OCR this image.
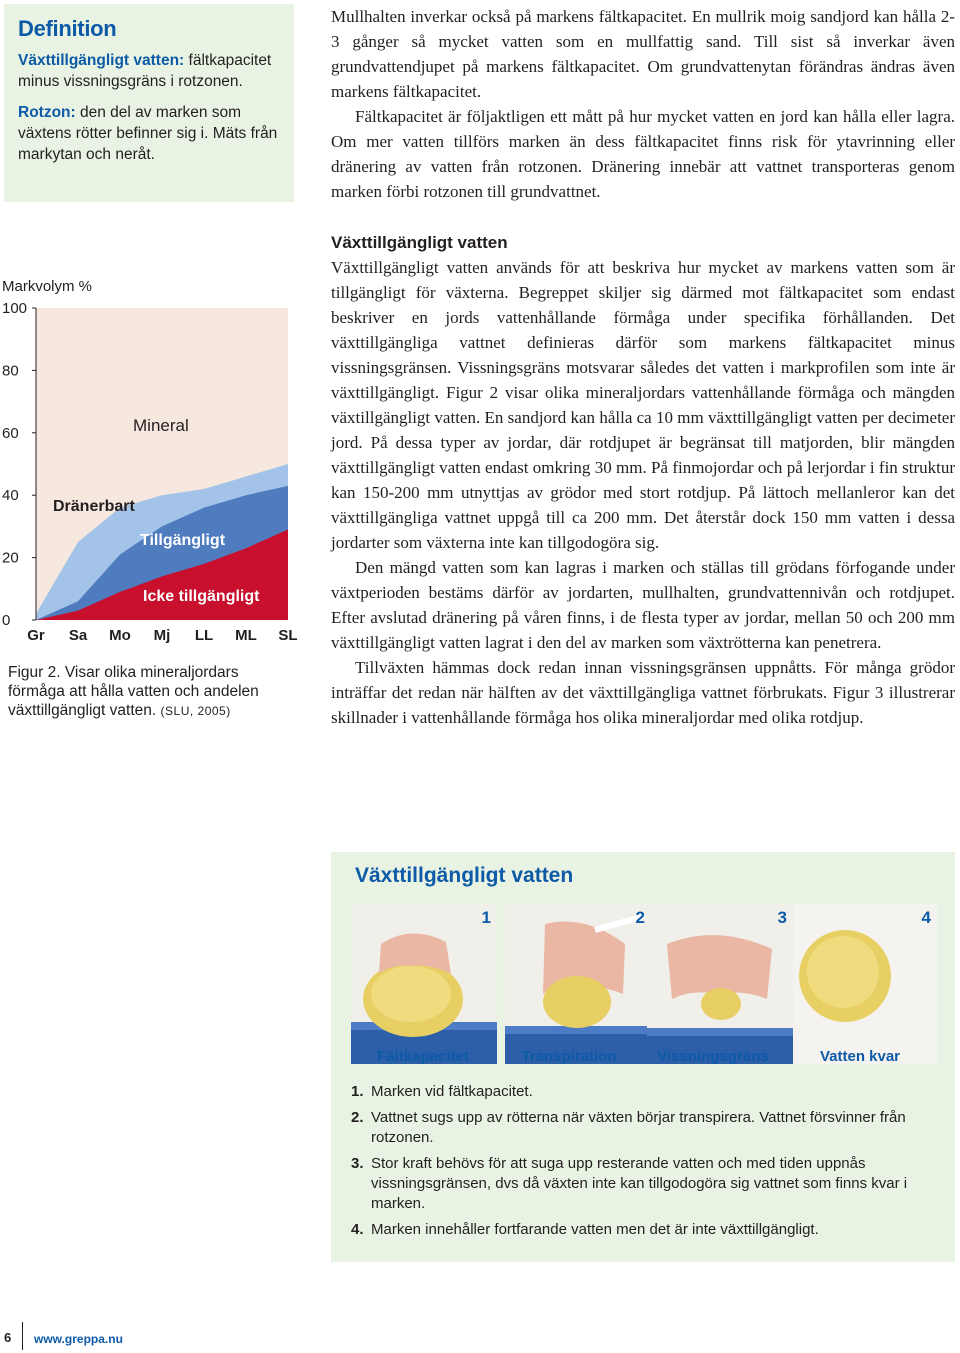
Definition

Växttillgängligt vatten: fältkapacitet minus vissningsgräns i rotzonen.

Rotzon: den del av marken som växtens rötter befinner sig i. Mäts från markytan och neråt.

Mullhalten inverkar också på markens fältkapacitet. En mullrik moig sandjord kan hålla 2-3 gånger så mycket vatten som en mullfattig sand. Till sist så inverkar även grundvattendjupet på markens fältkapacitet. Om grundvattenytan förändras ändras även markens fältkapacitet.

Fältkapacitet är följaktligen ett mått på hur mycket vatten en jord kan hålla eller lagra. Om mer vatten tillförs marken än dess fältkapacitet finns risk för ytavrinning eller dränering av vatten från rotzonen. Dränering innebär att vattnet transporteras genom marken förbi rotzonen till grundvattnet.

Växttillgängligt vatten

Växttillgängligt vatten används för att beskriva hur mycket av markens vatten som är tillgängligt för växterna. Begreppet skiljer sig därmed mot fältkapacitet som endast beskriver en jords vattenhållande förmåga under specifika förhållanden. Det växttillgängliga vattnet definieras därför som markens fältkapacitet minus vissningsgränsen. Vissningsgräns motsvarar således det vatten i markprofilen som inte är växttillgängligt. Figur 2 visar olika mineraljordars vattenhållande förmåga och mängden växtillgängligt vatten. En sandjord kan hålla ca 10 mm växttillgängligt vatten per decimeter jord. På dessa typer av jordar, där rotdjupet är begränsat till matjorden, blir mängden växttillgängligt vatten endast omkring 30 mm. På finmojordar och på lerjordar i fin struktur kan 150-200 mm utnyttjas av grödor med stort rotdjup. På lättoch mellanleror kan det växttillgängliga vattnet uppgå till ca 200 mm. Det återstår dock 150 mm vatten i dessa jordarter som växterna inte kan tillgodogöra sig.

Den mängd vatten som kan lagras i marken och ställas till grödans förfogande under växtperioden bestäms därför av jordarten, mullhalten, grundvattennivån och rotdjupet. Efter avslutad dränering på våren finns, i de flesta typer av jordar, mellan 50 och 200 mm växttillgängligt vatten lagrat i den del av marken som växtrötterna kan penetrera.

Tillväxten hämmas dock redan innan vissningsgränsen uppnåtts. För många grödor inträffar det redan när hälften av det växttillgängliga vattnet förbrukats. Figur 3 illustrerar skillnader i vattenhållande förmåga hos olika mineraljordar med olika rotdjup.

0
20
40
60
80
100
Gr Sa Mo Mj LL ML SL
Markvolym %
Mineral
Dränerbart
Tillgängligt
Icke tillgängligt
Figur 2. Visar olika mineraljordars förmåga att hålla vatten och andelen växttillgängligt vatten. (SLU, 2005)
Växttillgängligt vatten
1	2	3	4
Fältkapacitet	Transpiration	Vissningsgräns	Vatten kvar
1. Marken vid fältkapacitet.
2. Vattnet sugs upp av rötterna när växten börjar transpirera. Vattnet försvinner från rotzonen.
3. Stor kraft behövs för att suga upp resterande vatten och med tiden uppnås vissningsgränsen, dvs då växten inte kan tillgodogöra sig vattnet som finns kvar i marken.
4. Marken innehåller fortfarande vatten men det är inte växttillgängligt.
6 www.greppa.nu
